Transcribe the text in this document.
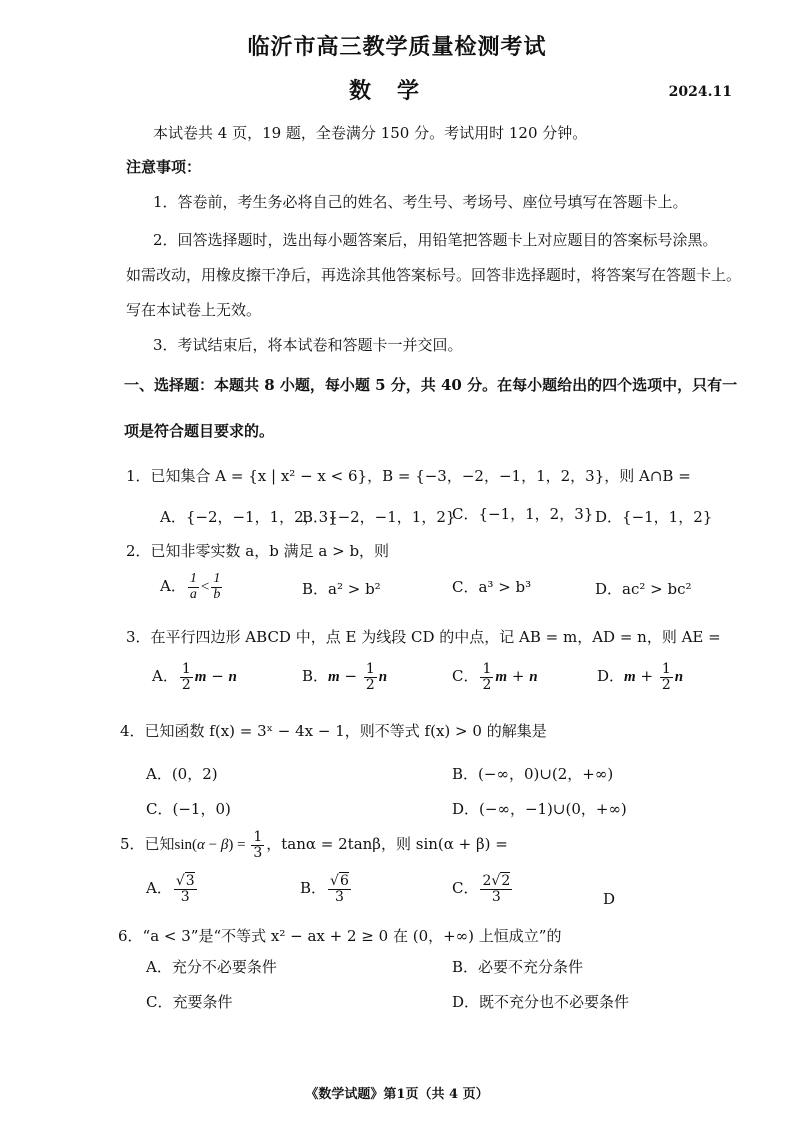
临沂市高三教学质量检测考试
数学	2024.11
本试卷共 4 页，19 题，全卷满分 150 分。考试用时 120 分钟。
注意事项：
1．答卷前，考生务必将自己的姓名、考生号、考场号、座位号填写在答题卡上。
2．回答选择题时，选出每小题答案后，用铅笔把答题卡上对应题目的答案标号涂黑。
如需改动，用橡皮擦干净后，再选涂其他答案标号。回答非选择题时，将答案写在答题卡上。
写在本试卷上无效。
3．考试结束后，将本试卷和答题卡一并交回。
一、选择题：本题共 8 小题，每小题 5 分，共 40 分。在每小题给出的四个选项中，只有一
项是符合题目要求的。
1．已知集合 A = {x | x² − x < 6}，B = {−3，−2，−1，1，2，3}，则 A∩B =
A．{−2，−1，1，2，3}
B．{−2，−1，1，2}
C．{−1，1，2，3} D．{−1，1，2}
2．已知非零实数 a，b 满足 a > b，则
A． $\frac{1}{a} < \frac{1}{b}$	B．a² > b²	C．a³ > b³	D．ac² > bc²
3．在平行四边形 ABCD 中，点 E 为线段 CD 的中点，记 AB = m，AD = n，则 AE =
A． $\frac{1}{2}$ m − n	B．$m - \frac{1}{2}$ n	C． $\frac{1}{2}$ m + n	D．$m + \frac{1}{2}$ n
4．已知函数 f(x) = 3ˣ − 4x − 1，则不等式 f(x) > 0 的解集是
A．(0，2)	B．(−∞，0)∪(2，+∞)
C．(−1，0)	D．(−∞，−1)∪(0，+∞)
5．已知$\sin(\alpha - \beta) = \frac{1}{3}$ ，tanα = 2tanβ，则 sin(α + β) =
A． $\frac{√3}{3}$	B． $\frac{√6}{3}$	C． $\frac{2√2}{3}$	D
6．“a < 3”是“不等式 x² − ax + 2 ≥ 0 在 (0，+∞) 上恒成立”的
A．充分不必要条件	B．必要不充分条件
C．充要条件	D．既不充分也不必要条件
《数学试题》第1页（共 4 页）
